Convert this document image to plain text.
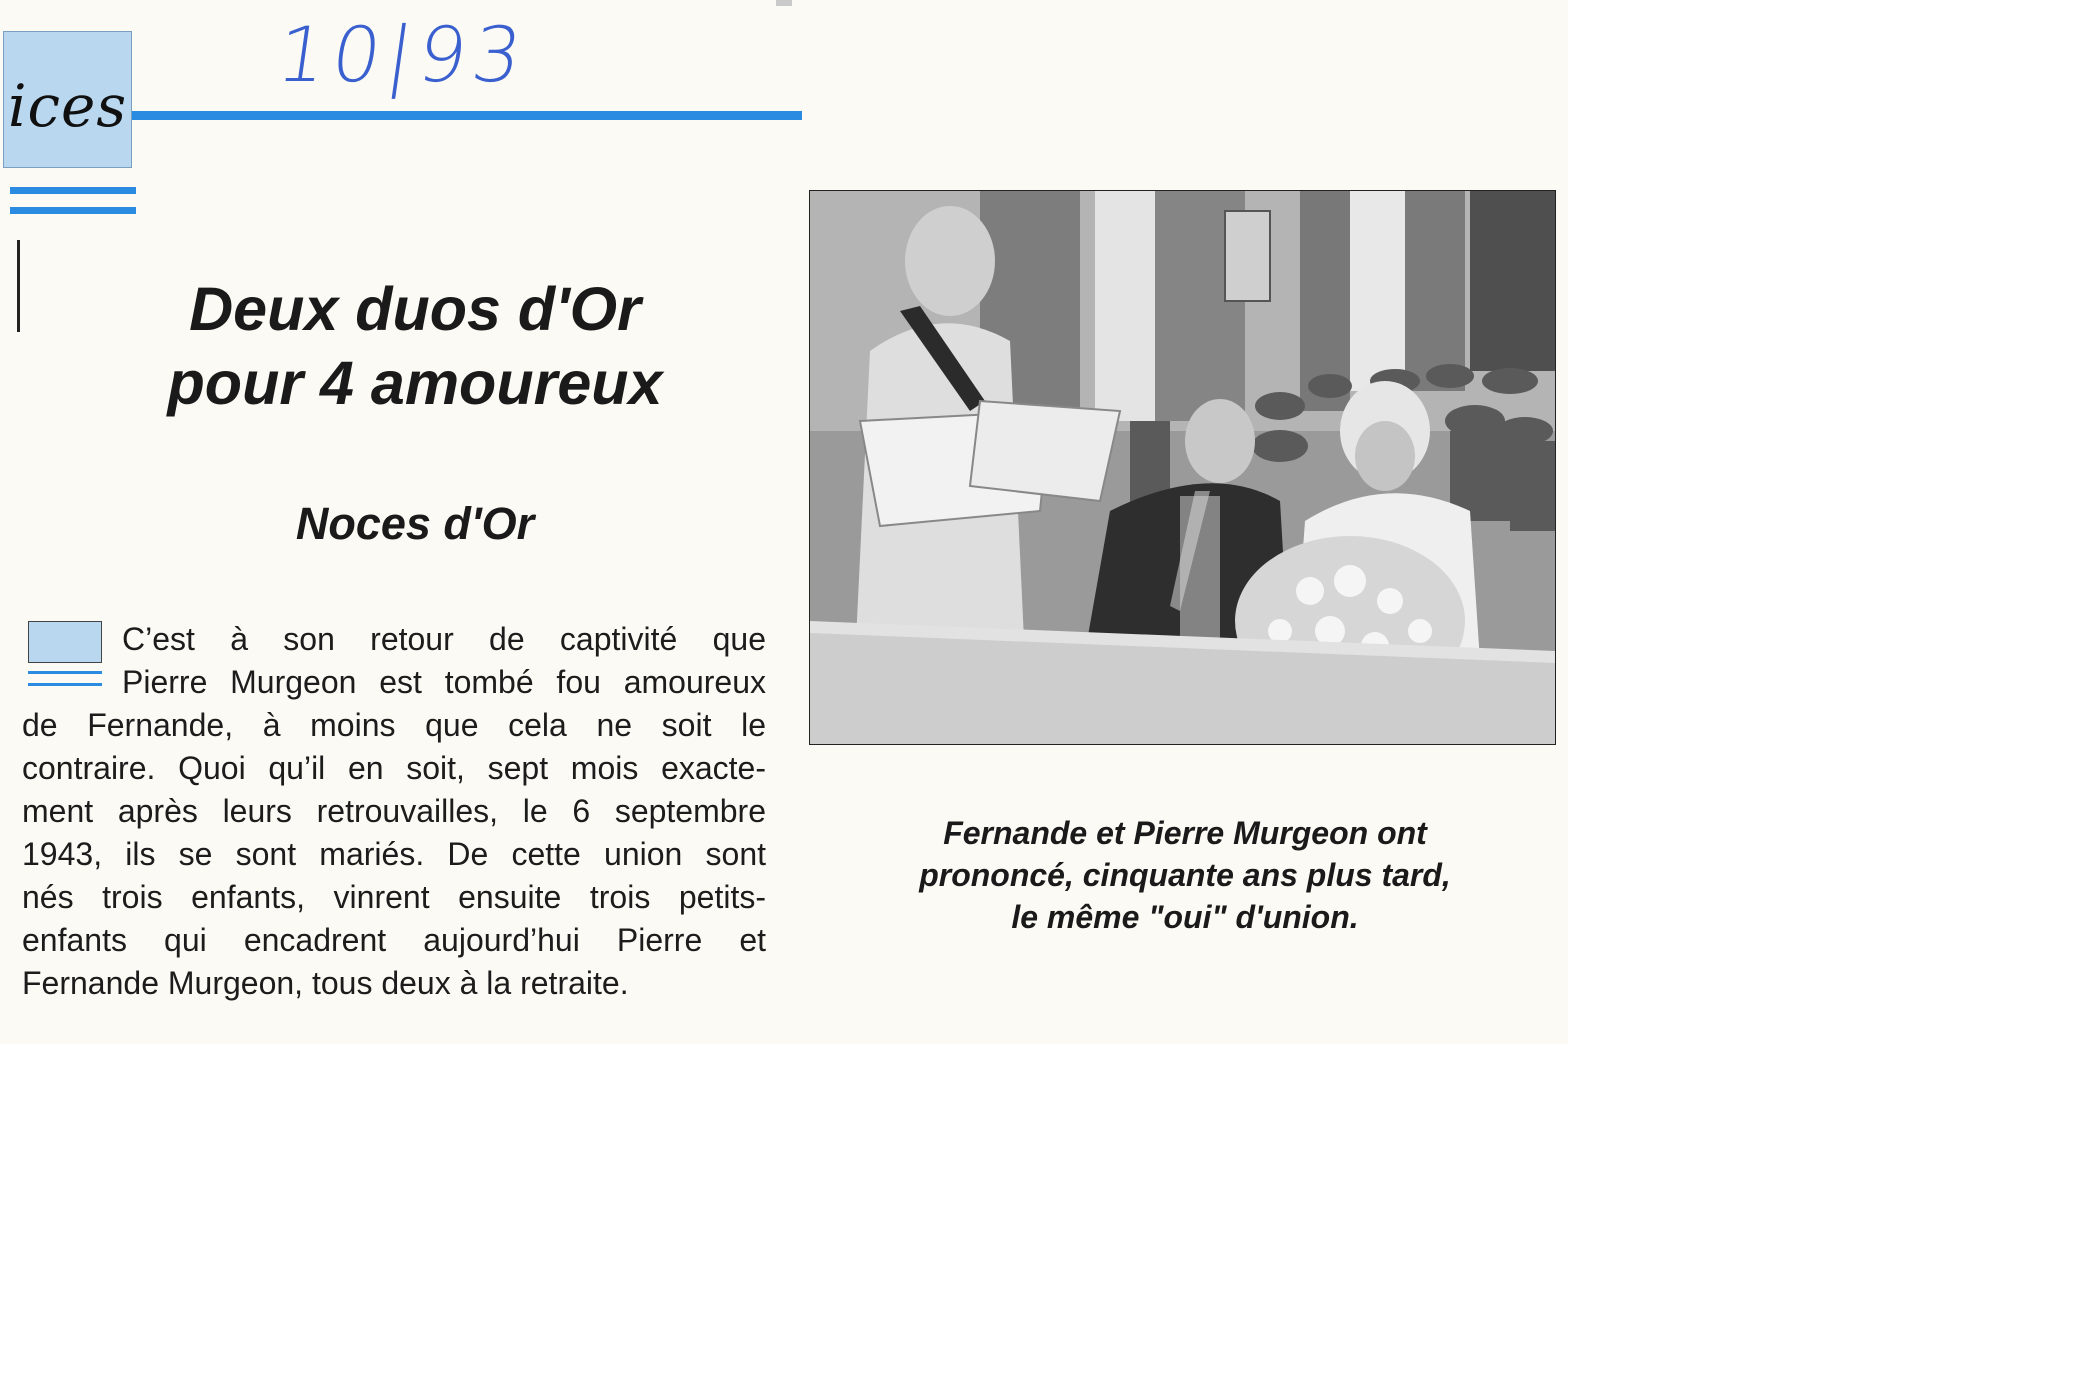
10|93
ices
Deux duos d'Or
pour 4 amoureux
Noces d'Or
C’est à son retour de captivité que
Pierre Murgeon est tombé fou amoureux
de Fernande, à moins que cela ne soit le
contraire. Quoi qu’il en soit, sept mois exacte-
ment après leurs retrouvailles, le 6 septembre
1943, ils se sont mariés. De cette union sont
nés trois enfants, vinrent ensuite trois petits-
enfants qui encadrent aujourd’hui Pierre et
Fernande Murgeon, tous deux à la retraite.
Fernande et Pierre Murgeon ont
prononcé, cinquante ans plus tard,
le même "oui" d'union.
